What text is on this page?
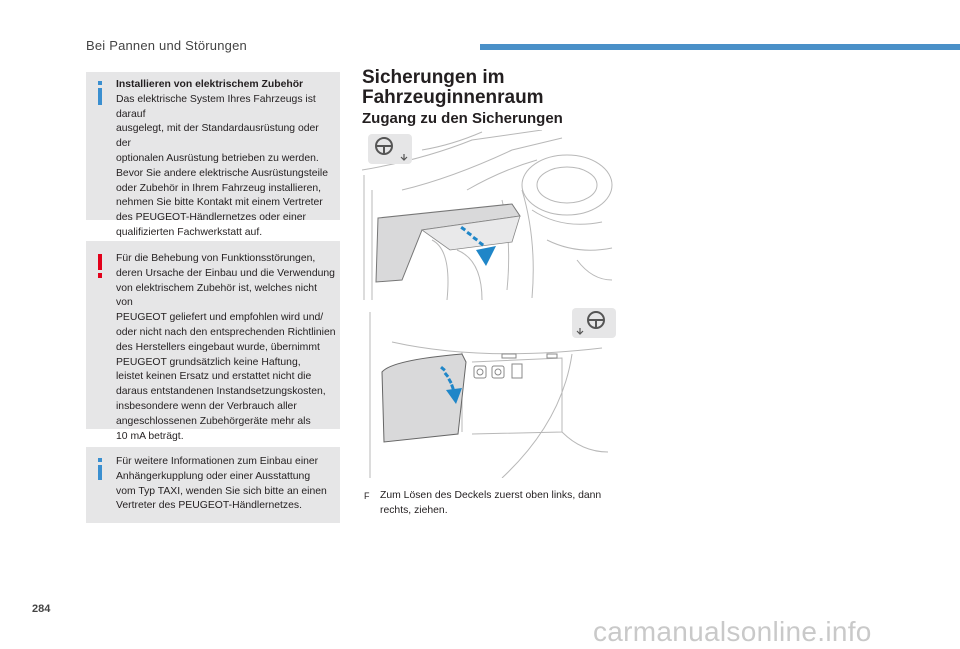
Bei Pannen und Störungen

Installieren von elektrischem Zubehör

Das elektrische System Ihres Fahrzeugs ist darauf
ausgelegt, mit der Standardausrüstung oder der
optionalen Ausrüstung betrieben zu werden.
Bevor Sie andere elektrische Ausrüstungsteile
oder Zubehör in Ihrem Fahrzeug installieren,
nehmen Sie bitte Kontakt mit einem Vertreter
des PEUGEOT-Händlernetzes oder einer
qualifizierten Fachwerkstatt auf.

Für die Behebung von Funktionsstörungen,
deren Ursache der Einbau und die Verwendung
von elektrischem Zubehör ist, welches nicht von
PEUGEOT geliefert und empfohlen wird und/
oder nicht nach den entsprechenden Richtlinien
des Herstellers eingebaut wurde, übernimmt
PEUGEOT grundsätzlich keine Haftung,
leistet keinen Ersatz und erstattet nicht die
daraus entstandenen Instandsetzungskosten,
insbesondere wenn der Verbrauch aller
angeschlossenen Zubehörgeräte mehr als
10 mA beträgt.

Für weitere Informationen zum Einbau einer
Anhängerkupplung oder einer Ausstattung
vom Typ TAXI, wenden Sie sich bitte an einen
Vertreter des PEUGEOT-Händlernetzes.

Sicherungen im
Fahrzeuginnenraum
Zugang zu den Sicherungen
F Zum Lösen des Deckels zuerst oben links, dann
rechts, ziehen.

284
carmanualsonline.info
